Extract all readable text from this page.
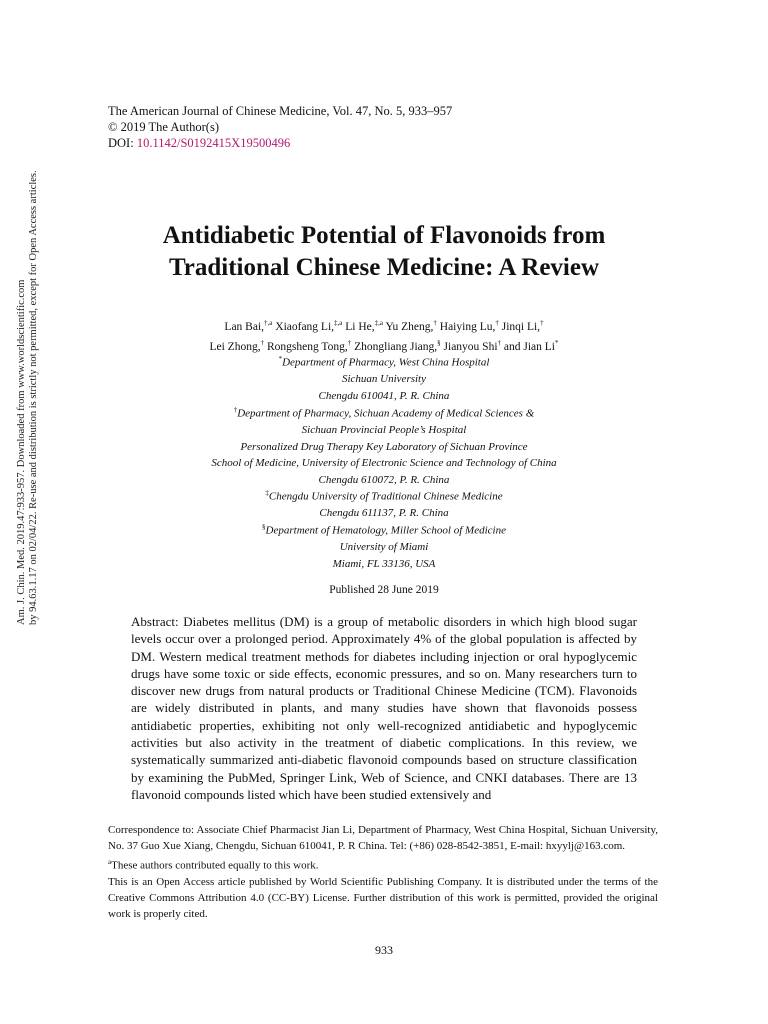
Am. J. Chin. Med. 2019.47:933-957. Downloaded from www.worldscientific.com by 94.63.1.17 on 02/04/22. Re-use and distribution is strictly not permitted, except for Open Access articles.
The American Journal of Chinese Medicine, Vol. 47, No. 5, 933–957
© 2019 The Author(s)
DOI: 10.1142/S0192415X19500496
Antidiabetic Potential of Flavonoids from
Traditional Chinese Medicine: A Review
Lan Bai,$^{\dagger,a}$ Xiaofang Li,$^{\ddagger,a}$ Li He,$^{\ddagger,a}$ Yu Zheng,† Haiying Lu,† Jinqi Li,†
Lei Zhong,† Rongsheng Tong,† Zhongliang Jiang,§ Jianyou Shi† and Jian Li*
*Department of Pharmacy, West China Hospital
Sichuan University
Chengdu 610041, P. R. China
†Department of Pharmacy, Sichuan Academy of Medical Sciences &
Sichuan Provincial People’s Hospital
Personalized Drug Therapy Key Laboratory of Sichuan Province
School of Medicine, University of Electronic Science and Technology of China
Chengdu 610072, P. R. China
‡Chengdu University of Traditional Chinese Medicine
Chengdu 611137, P. R. China
§Department of Hematology, Miller School of Medicine
University of Miami
Miami, FL 33136, USA
Published 28 June 2019
Abstract: Diabetes mellitus (DM) is a group of metabolic disorders in which high blood sugar levels occur over a prolonged period. Approximately 4% of the global population is affected by DM. Western medical treatment methods for diabetes including injection or oral hypoglycemic drugs have some toxic or side effects, economic pressures, and so on. Many researchers turn to discover new drugs from natural products or Traditional Chinese Medicine (TCM). Flavonoids are widely distributed in plants, and many studies have shown that flavonoids possess antidiabetic properties, exhibiting not only well-recognized antidiabetic and hypoglycemic activities but also activity in the treatment of diabetic complications. In this review, we systematically summarized anti-diabetic flavonoid compounds based on structure classification by examining the PubMed, Springer Link, Web of Science, and CNKI databases. There are 13 flavonoid compounds listed which have been studied extensively and

Correspondence to: Associate Chief Pharmacist Jian Li, Department of Pharmacy, West China Hospital, Sichuan University, No. 37 Guo Xue Xiang, Chengdu, Sichuan 610041, P. R China. Tel: (+86) 028-8542-3851, E-mail: hxyylj@163.com.

$^a$These authors contributed equally to this work.

This is an Open Access article published by World Scientific Publishing Company. It is distributed under the terms of the Creative Commons Attribution 4.0 (CC-BY) License. Further distribution of this work is permitted, provided the original work is properly cited.

933
